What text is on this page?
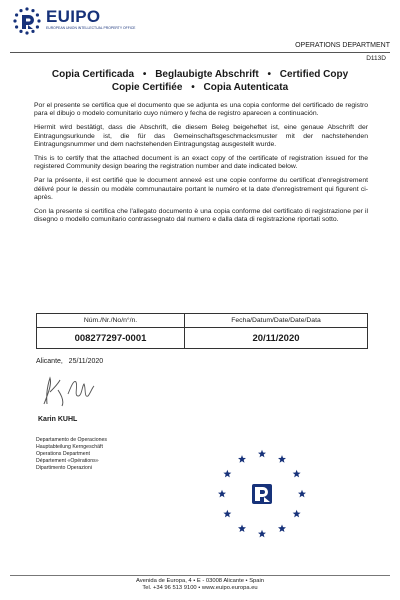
EUIPO
EUROPEAN UNION INTELLECTUAL PROPERTY OFFICE
OPERATIONS DEPARTMENT
D113D
Copia Certificada • Beglaubigte Abschrift • Certified Copy
Copie Certifiée • Copia Autenticata

Por el presente se certifica que el documento que se adjunta es una copia conforme del certificado de registro para el dibujo o modelo comunitario cuyo número y fecha de registro aparecen a continuación.

Hiermit wird bestätigt, dass die Abschrift, die diesem Beleg beigeheftet ist, eine genaue Abschrift der Eintragungsurkunde ist, die für das Gemeinschaftsgeschmacksmuster mit der nachstehenden Eintragungsnummer und dem nachstehenden Eintragungstag ausgestellt wurde.

This is to certify that the attached document is an exact copy of the certificate of registration issued for the registered Community design bearing the registration number and date indicated below.

Par la présente, il est certifié que le document annexé est une copie conforme du certificat d'enregistrement délivré pour le dessin ou modèle communautaire portant le numéro et la date d'enregistrement qui figurent ci-après.

Con la presente si certifica che l'allegato documento è una copia conforme del certificato di registrazione per il disegno o modello comunitario contrassegnato dal numero e dalla data di registrazione riportati sotto.

Núm./Nr./No/n°/n.	Fecha/Datum/Date/Date/Data
008277297-0001	20/11/2020
Alicante,   25/11/2020
Karin KUHL
Departamento de Operaciones
Hauptabteilung Kerngeschäft
Operations Department
Département «Opérations»
Dipartimento Operazioni
Avenida de Europa, 4 • E - 03008 Alicante • Spain
Tel. +34 96 513 9100 • www.euipo.europa.eu
